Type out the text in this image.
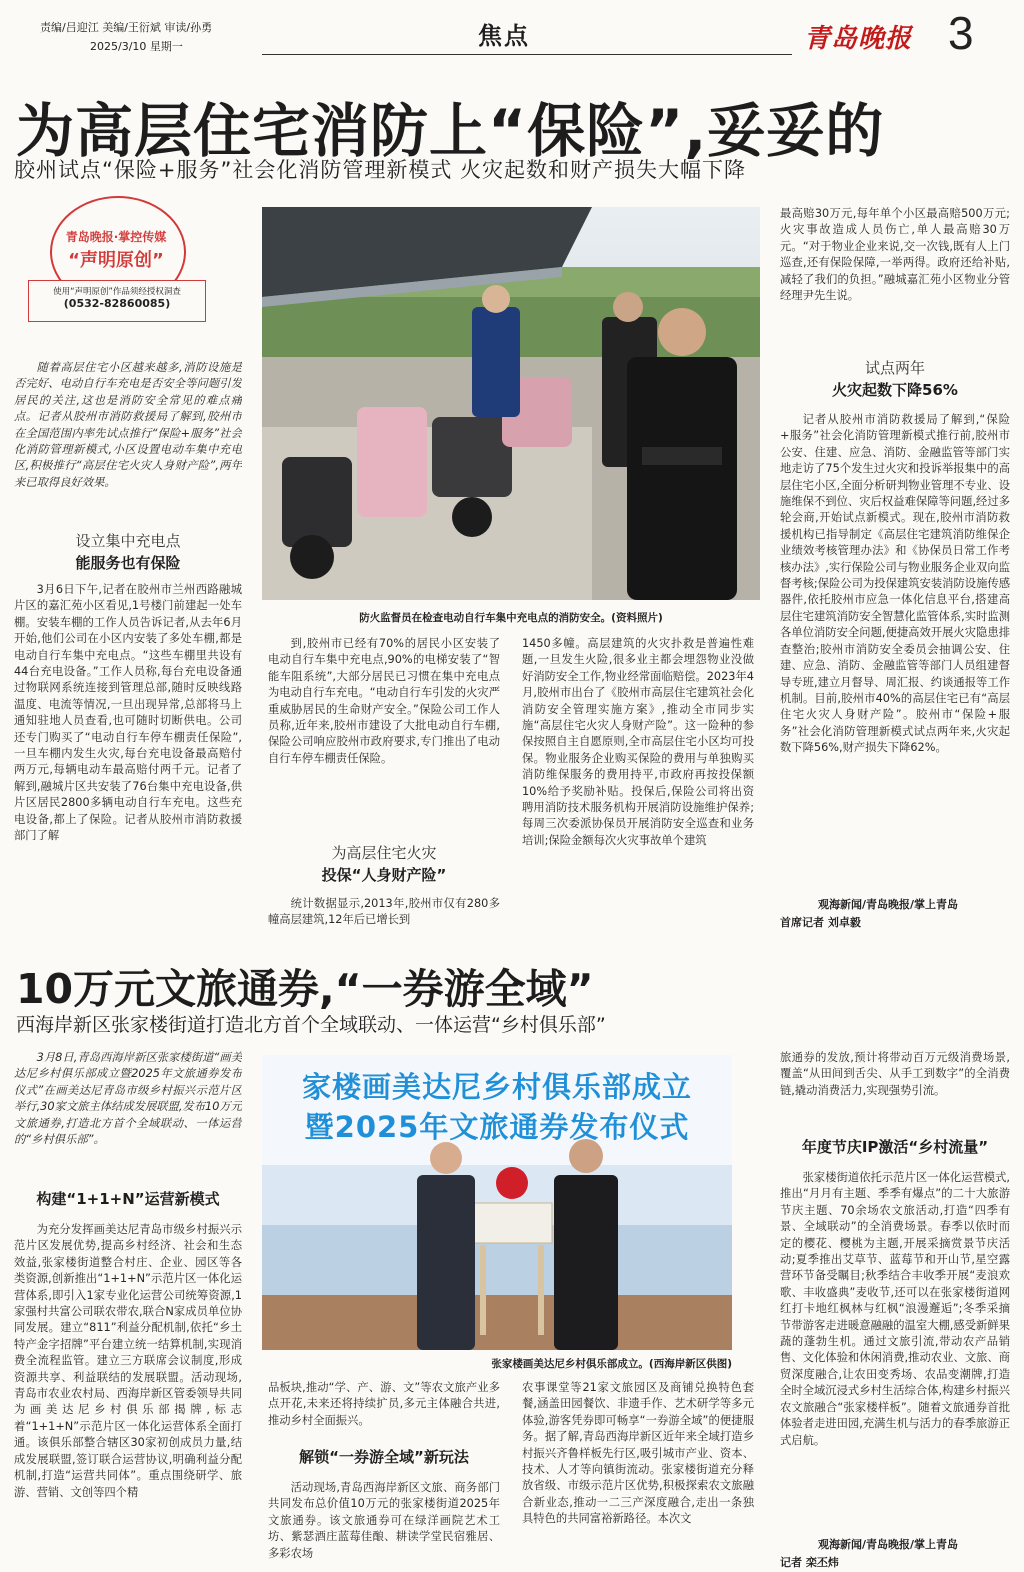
责编/吕迎江 美编/王衍斌 审读/孙勇
2025/3/10 星期一	焦点	青岛晚报 3
为高层住宅消防上“保险”,妥妥的
胶州试点“保险+服务”社会化消防管理新模式 火灾起数和财产损失大幅下降
青岛晚报·掌控传媒
“声明原创”
使用“声明原创”作品须经授权洞查
(0532-82860085)

随着高层住宅小区越来越多,消防设施是否完好、电动自行车充电是否安全等问题引发居民的关注,这也是消防安全常见的难点痛点。记者从胶州市消防救援局了解到,胶州市在全国范围内率先试点推行“保险+服务”社会化消防管理新模式,小区设置电动车集中充电区,积极推行“高层住宅火灾人身财产险”,两年来已取得良好效果。

设立集中充电点
能服务也有保险

3月6日下午,记者在胶州市兰州西路融城片区的嘉汇苑小区看见,1号楼门前建起一处车棚。安装车棚的工作人员告诉记者,从去年6月开始,他们公司在小区内安装了多处车棚,都是电动自行车集中充电点。“这些车棚里共设有44台充电设备。”工作人员称,每台充电设备通过物联网系统连接到管理总部,随时反映线路温度、电流等情况,一旦出现异常,总部将马上通知驻地人员查看,也可随时切断供电。公司还专门购买了“电动自行车停车棚责任保险”,一旦车棚内发生火灾,每台充电设备最高赔付两万元,每辆电动车最高赔付两千元。记者了解到,融城片区共安装了76台集中充电设备,供片区居民2800多辆电动自行车充电。这些充电设备,都上了保险。记者从胶州市消防救援部门了解

防火监督员在检查电动自行车集中充电点的消防安全。(资料照片)

到,胶州市已经有70%的居民小区安装了电动自行车集中充电点,90%的电梯安装了“智能车阻系统”,大部分居民已习惯在集中充电点为电动自行车充电。“电动自行车引发的火灾严重威胁居民的生命财产安全。”保险公司工作人员称,近年来,胶州市建设了大批电动自行车棚,保险公司响应胶州市政府要求,专门推出了电动自行车停车棚责任保险。

为高层住宅火灾
投保“人身财产险”

统计数据显示,2013年,胶州市仅有280多幢高层建筑,12年后已增长到

1450多幢。高层建筑的火灾扑救是普遍性难题,一旦发生火险,很多业主都会埋怨物业没做好消防安全工作,物业经常面临赔偿。2023年4月,胶州市出台了《胶州市高层住宅建筑社会化消防安全管理实施方案》,推动全市同步实施“高层住宅火灾人身财产险”。这一险种的参保按照自主自愿原则,全市高层住宅小区均可投保。物业服务企业购买保险的费用与单独购买消防维保服务的费用持平,市政府再按投保额10%给予奖励补贴。投保后,保险公司将出资聘用消防技术服务机构开展消防设施维护保养;每周三次委派协保员开展消防安全巡查和业务培训;保险金额每次火灾事故单个建筑

最高赔30万元,每年单个小区最高赔500万元;火灾事故造成人员伤亡,单人最高赔30万元。“对于物业企业来说,交一次钱,既有人上门巡查,还有保险保障,一举两得。政府还给补贴,减轻了我们的负担。”融城嘉汇苑小区物业分管经理尹先生说。

试点两年
火灾起数下降56%

记者从胶州市消防救援局了解到,“保险+服务”社会化消防管理新模式推行前,胶州市公安、住建、应急、消防、金融监管等部门实地走访了75个发生过火灾和投诉举报集中的高层住宅小区,全面分析研判物业管理不专业、设施维保不到位、灾后权益难保障等问题,经过多轮会商,开始试点新模式。现在,胶州市消防救援机构已指导制定《高层住宅建筑消防维保企业绩效考核管理办法》和《协保员日常工作考核办法》,实行保险公司与物业服务企业双向监督考核;保险公司为投保建筑安装消防设施传感器件,依托胶州市应急一体化信息平台,搭建高层住宅建筑消防安全智慧化监管体系,实时监测各单位消防安全问题,便捷高效开展火灾隐患排查整治;胶州市消防安全委员会抽调公安、住建、应急、消防、金融监管等部门人员组建督导专班,建立月督导、周汇报、约谈通报等工作机制。目前,胶州市40%的高层住宅已有“高层住宅火灾人身财产险”。胶州市“保险+服务”社会化消防管理新模式试点两年来,火灾起数下降56%,财产损失下降62%。

观海新闻/青岛晚报/掌上青岛
首席记者 刘卓毅
10万元文旅通券,“一券游全域”
西海岸新区张家楼街道打造北方首个全域联动、一体运营“乡村俱乐部”

3月8日,青岛西海岸新区张家楼街道“画美达尼乡村俱乐部成立暨2025年文旅通券发布仪式”在画美达尼青岛市级乡村振兴示范片区举行,30家文旅主体结成发展联盟,发布10万元文旅通券,打造北方首个全域联动、一体运营的“乡村俱乐部”。

构建“1+1+N”运营新模式

为充分发挥画美达尼青岛市级乡村振兴示范片区发展优势,提高乡村经济、社会和生态效益,张家楼街道整合村庄、企业、园区等各类资源,创新推出“1+1+N”示范片区一体化运营体系,即引入1家专业化运营公司统筹资源,1家强村共富公司联农带农,联合N家成员单位协同发展。建立“811”利益分配机制,依托“乡土特产金字招牌”平台建立统一结算机制,实现消费全流程监管。建立三方联席会议制度,形成资源共享、利益联结的发展联盟。活动现场,青岛市农业农村局、西海岸新区管委领导共同为画美达尼乡村俱乐部揭牌,标志着“1+1+N”示范片区一体化运营体系全面打通。该俱乐部整合辖区30家初创成员力量,结成发展联盟,签订联合运营协议,明确利益分配机制,打造“运营共同体”。重点围绕研学、旅游、营销、文创等四个精

家楼画美达尼乡村俱乐部成立
暨2025年文旅通券发布仪式
张家楼画美达尼乡村俱乐部成立。(西海岸新区供图)

品板块,推动“学、产、游、文”等农文旅产业多点开花,未来还将持续扩员,多元主体融合共进,推动乡村全面振兴。

解锁“一券游全域”新玩法

活动现场,青岛西海岸新区文旅、商务部门共同发布总价值10万元的张家楼街道2025年文旅通券。该文旅通券可在绿洋画院艺术工坊、紫瑟酒庄蓝莓佳酿、耕读学堂民宿雅居、多彩农场

农事课堂等21家文旅园区及商铺兑换特色套餐,涵盖田园餐饮、非遗手作、艺术研学等多元体验,游客凭券即可畅享“一券游全域”的便捷服务。据了解,青岛西海岸新区近年来全域打造乡村振兴齐鲁样板先行区,吸引城市产业、资本、技术、人才等向镇街流动。张家楼街道充分释放省级、市级示范片区优势,积极探索农文旅融合新业态,推动一二三产深度融合,走出一条独具特色的共同富裕新路径。本次文

旅通券的发放,预计将带动百万元级消费场景,覆盖“从田间到舌尖、从手工到数字”的全消费链,撬动消费活力,实现强势引流。

年度节庆IP激活“乡村流量”

张家楼街道依托示范片区一体化运营模式,推出“月月有主题、季季有爆点”的二十大旅游节庆主题、70余场农文旅活动,打造“四季有景、全域联动”的全消费场景。春季以依时而定的樱花、樱桃为主题,开展采摘赏景节庆活动;夏季推出艾草节、蓝莓节和开山节,星空露营环节备受瞩目;秋季结合丰收季开展“麦浪欢歌、丰收盛典”麦收节,还可以在张家楼街道网红打卡地红枫林与红枫“浪漫邂逅”;冬季采摘节带游客走进暖意融融的温室大棚,感受新鲜果蔬的蓬勃生机。通过文旅引流,带动农产品销售、文化体验和休闲消费,推动农业、文旅、商贸深度融合,让农田变秀场、农品变潮牌,打造全时全域沉浸式乡村生活综合体,构建乡村振兴农文旅融合“张家楼样板”。随着文旅通券首批体验者走进田园,充满生机与活力的春季旅游正式启航。

观海新闻/青岛晚报/掌上青岛
记者 栾丕炜
